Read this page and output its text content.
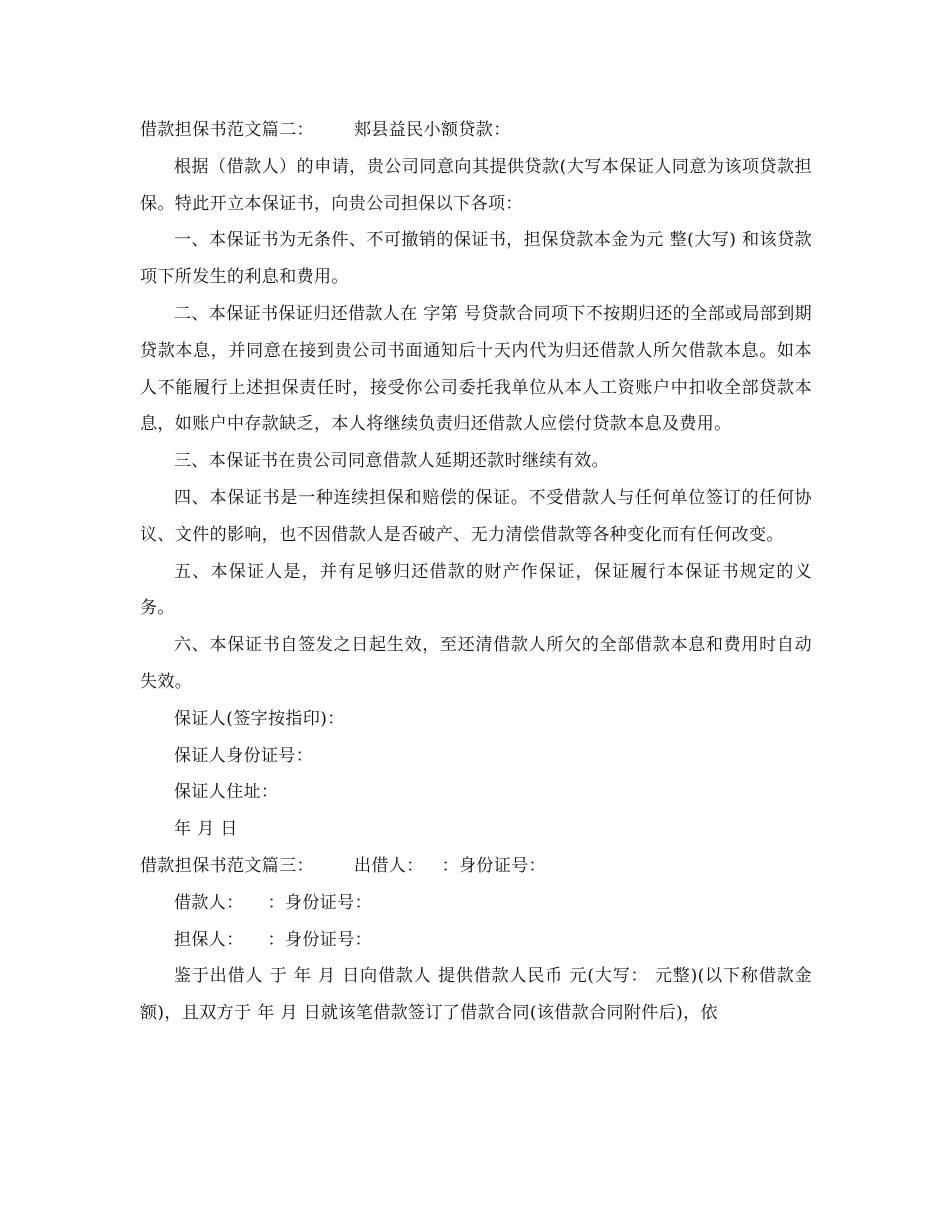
借款担保书范文篇二： 郏县益民小额贷款：
根据（借款人）的申请，贵公司同意向其提供贷款(大写本保证人同意为该项贷款担保。特此开立本保证书，向贵公司担保以下各项：
一、本保证书为无条件、不可撤销的保证书，担保贷款本金为元 整(大写) 和该贷款项下所发生的利息和费用。
二、本保证书保证归还借款人在 字第 号贷款合同项下不按期归还的全部或局部到期贷款本息，并同意在接到贵公司书面通知后十天内代为归还借款人所欠借款本息。如本人不能履行上述担保责任时，接受你公司委托我单位从本人工资账户中扣收全部贷款本息，如账户中存款缺乏，本人将继续负责归还借款人应偿付贷款本息及费用。
三、本保证书在贵公司同意借款人延期还款时继续有效。
四、本保证书是一种连续担保和赔偿的保证。不受借款人与任何单位签订的任何协议、文件的影响，也不因借款人是否破产、无力清偿借款等各种变化而有任何改变。
五、本保证人是，并有足够归还借款的财产作保证，保证履行本保证书规定的义务。
六、本保证书自签发之日起生效，至还清借款人所欠的全部借款本息和费用时自动失效。
保证人(签字按指印)：
保证人身份证号：
保证人住址：
年 月 日
借款担保书范文篇三： 出借人： ：身份证号：
借款人： ：身份证号：
担保人： ：身份证号：
鉴于出借人 于 年 月 日向借款人 提供借款人民币 元(大写： 元整)(以下称借款金额)，且双方于 年 月 日就该笔借款签订了借款合同(该借款合同附件后)，依
